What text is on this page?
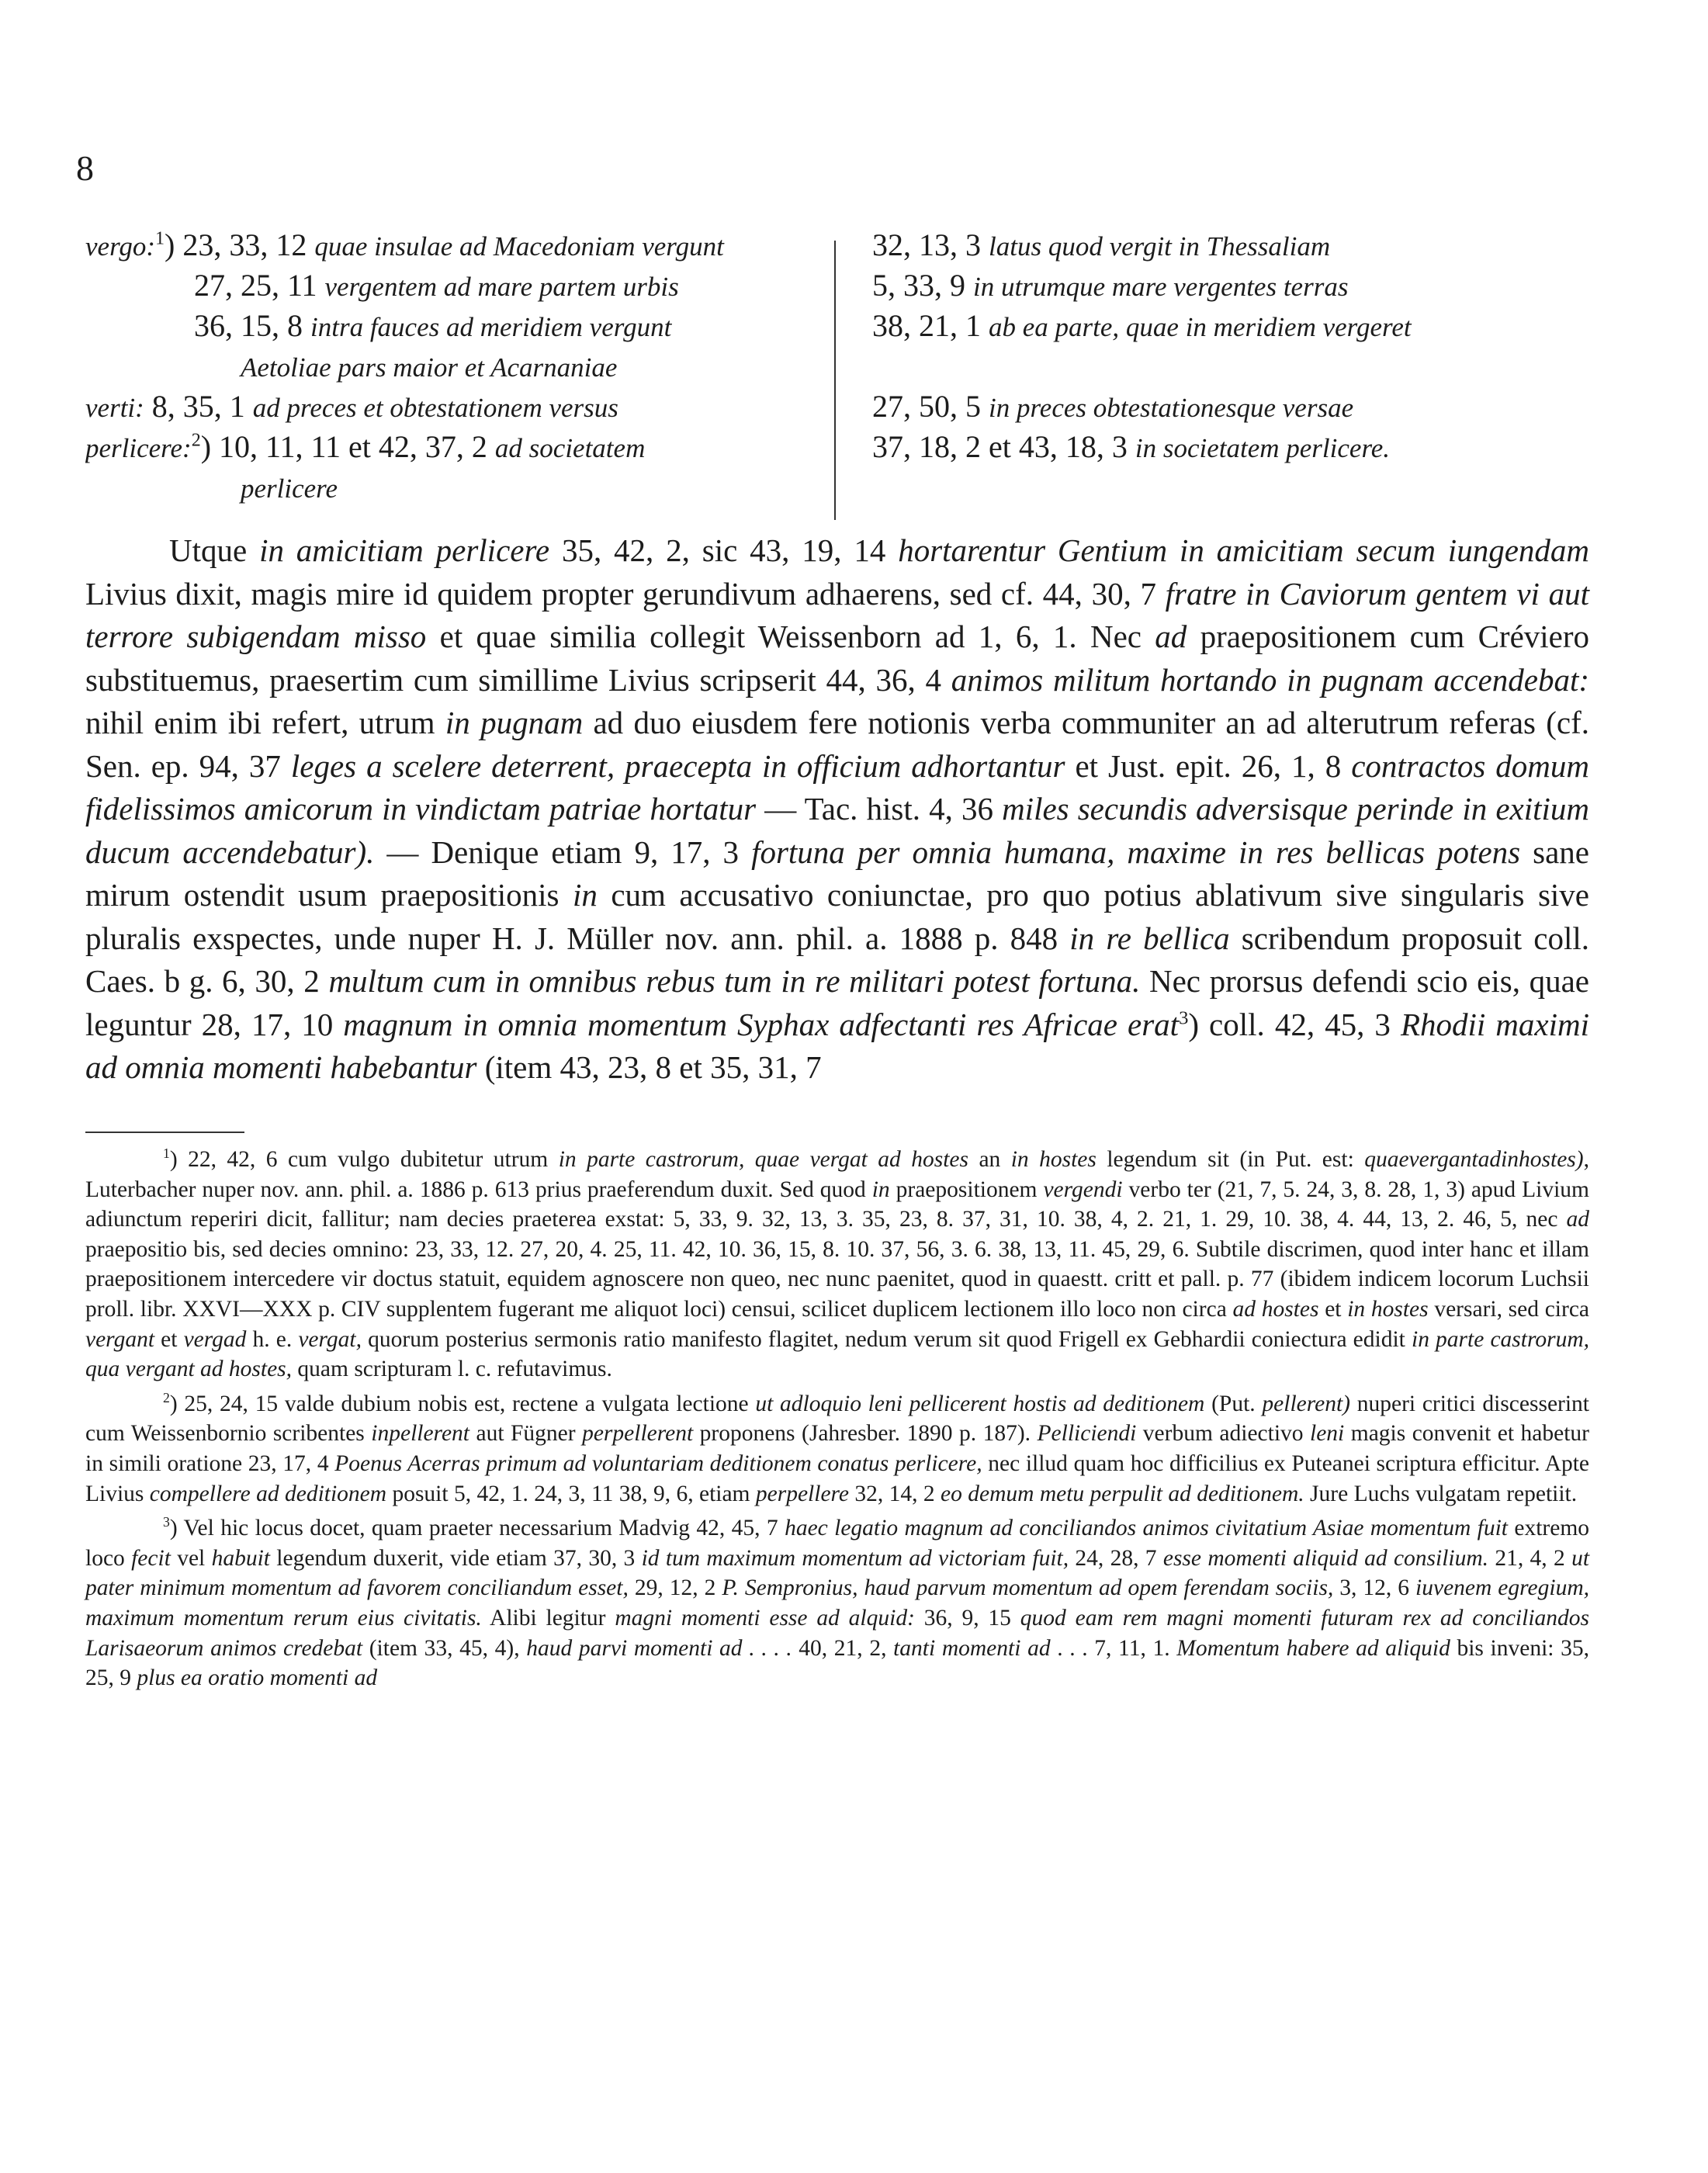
8
vergo:$^1$) 23, 33, 12 quae insulae ad Macedoniam vergunt
27, 25, 11 vergentem ad mare partem urbis
36, 15, 8 intra fauces ad meridiem vergunt
Aetoliae pars maior et Acarnaniae
verti: 8, 35, 1 ad preces et obtestationem versus
perlicere:$^2$) 10, 11, 11 et 42, 37, 2 ad societatem
perlicere
32, 13, 3 latus quod vergit in Thessaliam
5, 33, 9 in utrumque mare vergentes terras
38, 21, 1 ab ea parte, quae in meridiem vergeret
27, 50, 5 in preces obtestationesque versae
37, 18, 2 et 43, 18, 3 in societatem perlicere.
Utque in amicitiam perlicere 35, 42, 2, sic 43, 19, 14 hortarentur Gentium in amicitiam secum iungendam Livius dixit, magis mire id quidem propter gerundivum adhaerens, sed cf. 44, 30, 7 fratre in Caviorum gentem vi aut terrore subigendam misso et quae similia collegit Weissenborn ad 1, 6, 1. Nec ad praepositionem cum Créviero substituemus, praesertim cum simillime Livius scripserit 44, 36, 4 animos militum hortando in pugnam accendebat: nihil enim ibi refert, utrum in pugnam ad duo eiusdem fere notionis verba communiter an ad alterutrum referas (cf. Sen. ep. 94, 37 leges a scelere deterrent, praecepta in officium adhortantur et Just. epit. 26, 1, 8 contractos domum fidelissimos amicorum in vindictam patriae hortatur — Tac. hist. 4, 36 miles secundis adversisque perinde in exitium ducum accendebatur). — Denique etiam 9, 17, 3 fortuna per omnia humana, maxime in res bellicas potens sane mirum ostendit usum praepositionis in cum accusativo coniunctae, pro quo potius ablativum sive singularis sive pluralis exspectes, unde nuper H. J. Müller nov. ann. phil. a. 1888 p. 848 in re bellica scribendum proposuit coll. Caes. b g. 6, 30, 2 multum cum in omnibus rebus tum in re militari potest fortuna. Nec prorsus defendi scio eis, quae leguntur 28, 17, 10 magnum in omnia momentum Syphax adfectanti res Africae erat$^3$) coll. 42, 45, 3 Rhodii maximi ad omnia momenti habebantur (item 43, 23, 8 et 35, 31, 7

$^1$) 22, 42, 6 cum vulgo dubitetur utrum in parte castrorum, quae vergat ad hostes an in hostes legendum sit (in Put. est: quaevergantadinhostes), Luterbacher nuper nov. ann. phil. a. 1886 p. 613 prius praeferendum duxit. Sed quod in praepositionem vergendi verbo ter (21, 7, 5. 24, 3, 8. 28, 1, 3) apud Livium adiunctum reperiri dicit, fallitur; nam decies praeterea exstat: 5, 33, 9. 32, 13, 3. 35, 23, 8. 37, 31, 10. 38, 4, 2. 21, 1. 29, 10. 38, 4. 44, 13, 2. 46, 5, nec ad praepositio bis, sed decies omnino: 23, 33, 12. 27, 20, 4. 25, 11. 42, 10. 36, 15, 8. 10. 37, 56, 3. 6. 38, 13, 11. 45, 29, 6. Subtile discrimen, quod inter hanc et illam praepositionem intercedere vir doctus statuit, equidem agnoscere non queo, nec nunc paenitet, quod in quaestt. critt et pall. p. 77 (ibidem indicem locorum Luchsii proll. libr. XXVI—XXX p. CIV supplentem fugerant me aliquot loci) censui, scilicet duplicem lectionem illo loco non circa ad hostes et in hostes versari, sed circa vergant et vergad h. e. vergat, quorum posterius sermonis ratio manifesto flagitet, nedum verum sit quod Frigell ex Gebhardii coniectura edidit in parte castrorum, qua vergant ad hostes, quam scripturam l. c. refutavimus.

$^2$) 25, 24, 15 valde dubium nobis est, rectene a vulgata lectione ut adloquio leni pellicerent hostis ad deditionem (Put. pellerent) nuperi critici discesserint cum Weissenbornio scribentes inpellerent aut Fügner perpellerent proponens (Jahresber. 1890 p. 187). Pelliciendi verbum adiectivo leni magis convenit et habetur in simili oratione 23, 17, 4 Poenus Acerras primum ad voluntariam deditionem conatus perlicere, nec illud quam hoc difficilius ex Puteanei scriptura efficitur. Apte Livius compellere ad deditionem posuit 5, 42, 1. 24, 3, 11 38, 9, 6, etiam perpellere 32, 14, 2 eo demum metu perpulit ad deditionem. Jure Luchs vulgatam repetiit.

$^3$) Vel hic locus docet, quam praeter necessarium Madvig 42, 45, 7 haec legatio magnum ad conciliandos animos civitatium Asiae momentum fuit extremo loco fecit vel habuit legendum duxerit, vide etiam 37, 30, 3 id tum maximum momentum ad victoriam fuit, 24, 28, 7 esse momenti aliquid ad consilium. 21, 4, 2 ut pater minimum momentum ad favorem conciliandum esset, 29, 12, 2 P. Sempronius, haud parvum momentum ad opem ferendam sociis, 3, 12, 6 iuvenem egregium, maximum momentum rerum eius civitatis. Alibi legitur magni momenti esse ad alquid: 36, 9, 15 quod eam rem magni momenti futuram rex ad conciliandos Larisaeorum animos credebat (item 33, 45, 4), haud parvi momenti ad . . . . 40, 21, 2, tanti momenti ad . . . 7, 11, 1. Momentum habere ad aliquid bis inveni: 35, 25, 9 plus ea oratio momenti ad
